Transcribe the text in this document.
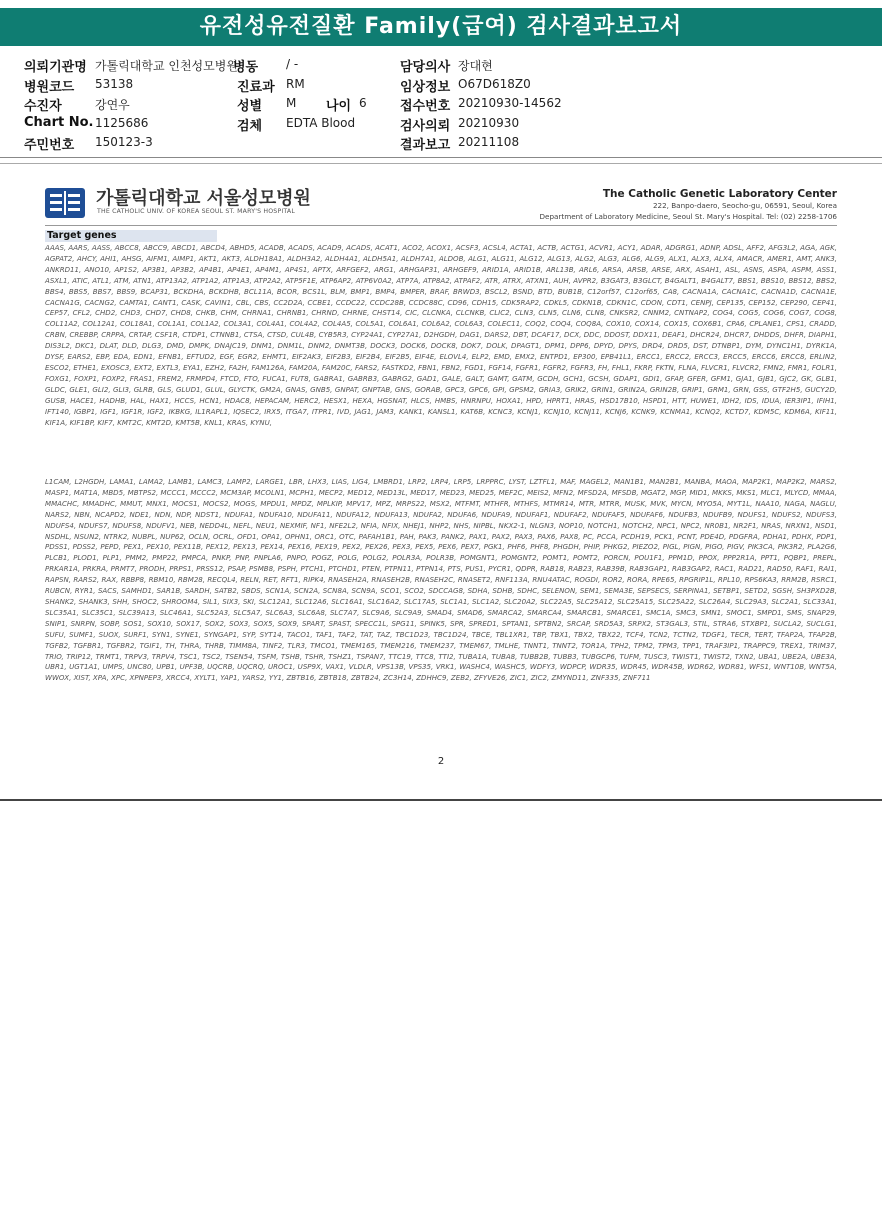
유전성유전질환 Family(급여) 검사결과보고서
의뢰기관명 가톨릭대학교 인천성모병원
병동 / -	담당의사 장대현
병원코드 53138	진료과 RM	임상정보 O67D618Z0
수진자	강연우	성별 M 나이 6	접수번호 20210930-14562
Chart No. 1125686	검체 EDTA Blood	검사의뢰 20210930
주민번호 150123-3	결과보고 20211108
가톨릭대학교 서울성모병원
THE CATHOLIC UNIV. OF KOREA SEOUL ST. MARY'S HOSPITAL
The Catholic Genetic Laboratory Center
222, Banpo-daero, Seocho-gu, 06591, Seoul, Korea
Department of Laboratory Medicine, Seoul St. Mary's Hospital. Tel: (02) 2258-1706
Target genes
AAAS, AARS, AASS, ABCC8, ABCC9, ABCD1, ABCD4, ABHD5, ACADB, ACADS, ACAD9, ACADS, ACAT1, ACO2, ACOX1, ACSF3, ACSL4, ACTA1, ACTB, ACTG1, ACVR1, ACY1, ADAR, ADGRG1, ADNP, ADSL, AFF2, AFG3L2, AGA, AGK, AGPAT2, AHCY, AHI1, AHSG, AIFM1, AIMP1, AKT1, AKT3, ALDH18A1, ALDH3A2, ALDH4A1, ALDH5A1, ALDH7A1, ALDOB, ALG1, ALG11, ALG12, ALG13, ALG2, ALG3, ALG6, ALG9, ALX1, ALX3, ALX4, AMACR, AMER1, AMT, ANK3, ANKRD11, ANO10, AP1S2, AP3B1, AP3B2, AP4B1, AP4E1, AP4M1, AP4S1, APTX, ARFGEF2, ARG1, ARHGAP31, ARHGEF9, ARID1A, ARID1B, ARL13B, ARL6, ARSA, ARSB, ARSE, ARX, ASAH1, ASL, ASNS, ASPA, ASPM, ASS1, ASXL1, ATIC, ATL1, ATM, ATN1, ATP13A2, ATP1A2, ATP1A3, ATP2A2, ATP5F1E, ATP6AP2, ATP6V0A2, ATP7A, ATP8A2, ATPAF2, ATR, ATRX, ATXN1, AUH, AVPR2, B3GAT3, B3GLCT, B4GALT1, B4GALT7, BBS1, BBS10, BBS12, BBS2, BBS4, BBS5, BBS7, BBS9, BCAP31, BCKDHA, BCKDHB, BCL11A, BCOR, BCS1L, BLM, BMP1, BMP4, BMPER, BRAF, BRWD3, BSCL2, BSND, BTD, BUB1B, C12orf57, C12orf65, CA8, CACNA1A, CACNA1C, CACNA1D, CACNA1E, CACNA1G, CACNG2, CAMTA1, CANT1, CASK, CAVIN1, CBL, CBS, CC2D2A, CCBE1, CCDC22, CCDC28B, CCDC88C, CD96, CDH15, CDK5RAP2, CDKL5, CDKN1B, CDKN1C, CDON, CDT1, CENPJ, CEP135, CEP152, CEP290, CEP41, CEP57, CFL2, CHD2, CHD3, CHD7, CHD8, CHKB, CHM, CHRNA1, CHRNB1, CHRND, CHRNE, CHST14, CIC, CLCNKA, CLCNKB, CLIC2, CLN3, CLN5, CLN6, CLN8, CNKSR2, CNNM2, CNTNAP2, COG4, COG5, COG6, COG7, COG8, COL11A2, COL12A1, COL18A1, COL1A1, COL1A2, COL3A1, COL4A1, COL4A2, COL4A5, COL5A1, COL6A1, COL6A2, COL6A3, COLEC11, COQ2, COQ4, COQ8A, COX10, COX14, COX15, COX6B1, CPA6, CPLANE1, CPS1, CRADD, CRBN, CREBBP, CRPPA, CRTAP, CSF1R, CTDP1, CTNNB1, CTSA, CTSD, CUL4B, CYB5R3, CYP24A1, CYP27A1, D2HGDH, DAG1, DARS2, DBT, DCAF17, DCX, DDC, DDOST, DDX11, DEAF1, DHCR24, DHCR7, DHDDS, DHFR, DIAPH1, DIS3L2, DKC1, DLAT, DLD, DLG3, DMD, DMPK, DNAJC19, DNM1, DNM1L, DNM2, DNMT3B, DOCK3, DOCK6, DOCK8, DOK7, DOLK, DPAGT1, DPM1, DPP6, DPYD, DPYS, DRD4, DRD5, DST, DTNBP1, DYM, DYNC1H1, DYRK1A, DYSF, EARS2, EBP, EDA, EDN1, EFNB1, EFTUD2, EGF, EGR2, EHMT1, EIF2AK3, EIF2B3, EIF2B4, EIF2B5, EIF4E, ELOVL4, ELP2, EMD, EMX2, ENTPD1, EP300, EPB41L1, ERCC1, ERCC2, ERCC3, ERCC5, ERCC6, ERCC8, ERLIN2, ESCO2, ETHE1, EXOSC3, EXT2, EXTL3, EYA1, EZH2, FA2H, FAM126A, FAM20A, FAM20C, FARS2, FASTKD2, FBN1, FBN2, FGD1, FGF14, FGFR1, FGFR2, FGFR3, FH, FHL1, FKRP, FKTN, FLNA, FLVCR1, FLVCR2, FMN2, FMR1, FOLR1, FOXG1, FOXP1, FOXP2, FRAS1, FREM2, FRMPD4, FTCD, FTO, FUCA1, FUT8, GABRA1, GABRB3, GABRG2, GAD1, GALE, GALT, GAMT, GATM, GCDH, GCH1, GCSH, GDAP1, GDI1, GFAP, GFER, GFM1, GJA1, GJB1, GJC2, GK, GLB1, GLDC, GLE1, GLI2, GLI3, GLRB, GLS, GLUD1, GLUL, GLYCTK, GM2A, GNAS, GNB5, GNPAT, GNPTAB, GNS, GORAB, GPC3, GPC6, GPI, GPSM2, GRIA3, GRIK2, GRIN1, GRIN2A, GRIN2B, GRIP1, GRM1, GRN, GSS, GTF2H5, GUCY2D, GUSB, HACE1, HADHB, HAL, HAX1, HCCS, HCN1, HDAC8, HEPACAM, HERC2, HESX1, HEXA, HGSNAT, HLCS, HMBS, HNRNPU, HOXA1, HPD, HPRT1, HRAS, HSD17B10, HSPD1, HTT, HUWE1, IDH2, IDS, IDUA, IER3IP1, IFIH1, IFT140, IGBP1, IGF1, IGF1R, IGF2, IKBKG, IL1RAPL1, IQSEC2, IRX5, ITGA7, ITPR1, IVD, JAG1, JAM3, KANK1, KANSL1, KAT6B, KCNC3, KCNJ1, KCNJ10, KCNJ11, KCNJ6, KCNK9, KCNMA1, KCNQ2, KCTD7, KDM5C, KDM6A, KIF11, KIF1A, KIF1BP, KIF7, KMT2C, KMT2D, KMT5B, KNL1, KRAS, KYNU,
L1CAM, L2HGDH, LAMA1, LAMA2, LAMB1, LAMC3, LAMP2, LARGE1, LBR, LHX3, LIAS, LIG4, LMBRD1, LRP2, LRP4, LRP5, LRPPRC, LYST, LZTFL1, MAF, MAGEL2, MAN1B1, MAN2B1, MANBA, MAOA, MAP2K1, MAP2K2, MARS2, MASP1, MAT1A, MBD5, MBTPS2, MCCC1, MCCC2, MCM3AP, MCOLN1, MCPH1, MECP2, MED12, MED13L, MED17, MED23, MED25, MEF2C, MEIS2, MFN2, MFSD2A, MFSDB, MGAT2, MGP, MID1, MKKS, MKS1, MLC1, MLYCD, MMAA, MMACHC, MMADHC, MMUT, MNX1, MOCS1, MOCS2, MOGS, MPDU1, MPDZ, MPLKIP, MPV17, MPZ, MRPS22, MSX2, MTFMT, MTHFR, MTHFS, MTMR14, MTR, MTRR, MUSK, MVK, MYCN, MYO5A, MYT1L, NAA10, NAGA, NAGLU, NARS2, NBN, NCAPD2, NDE1, NDN, NDP, NDST1, NDUFA1, NDUFA10, NDUFA11, NDUFA12, NDUFA13, NDUFA2, NDUFA6, NDUFA9, NDUFAF1, NDUFAF2, NDUFAF5, NDUFAF6, NDUFB3, NDUFB9, NDUFS1, NDUFS2, NDUFS3, NDUFS4, NDUFS7, NDUFS8, NDUFV1, NEB, NEDD4L, NEFL, NEU1, NEXMIF, NF1, NFE2L2, NFIA, NFIX, NHEJ1, NHP2, NHS, NIPBL, NKX2-1, NLGN3, NOP10, NOTCH1, NOTCH2, NPC1, NPC2, NR0B1, NR2F1, NRAS, NRXN1, NSD1, NSDHL, NSUN2, NTRK2, NUBPL, NUP62, OCLN, OCRL, OFD1, OPA1, OPHN1, ORC1, OTC, PAFAH1B1, PAH, PAK3, PANK2, PAX1, PAX2, PAX3, PAX6, PAX8, PC, PCCA, PCDH19, PCK1, PCNT, PDE4D, PDGFRA, PDHA1, PDHX, PDP1, PDSS1, PDSS2, PEPD, PEX1, PEX10, PEX11B, PEX12, PEX13, PEX14, PEX16, PEX19, PEX2, PEX26, PEX3, PEX5, PEX6, PEX7, PGK1, PHF6, PHF8, PHGDH, PHIP, PHKG2, PIEZO2, PIGL, PIGN, PIGO, PIGV, PIK3CA, PIK3R2, PLA2G6, PLCB1, PLOD1, PLP1, PMM2, PMP22, PMPCA, PNKP, PNP, PNPLA6, PNPO, POGZ, POLG, POLG2, POLR3A, POLR3B, POMGNT1, POMGNT2, POMT1, POMT2, PORCN, POU1F1, PPM1D, PPOX, PPP2R1A, PPT1, PQBP1, PREPL, PRKAR1A, PRKRA, PRMT7, PRODH, PRPS1, PRSS12, PSAP, PSMB8, PSPH, PTCH1, PTCHD1, PTEN, PTPN11, PTPN14, PTS, PUS1, PYCR1, QDPR, RAB18, RAB23, RAB39B, RAB3GAP1, RAB3GAP2, RAC1, RAD21, RAD50, RAF1, RAI1, RAPSN, RARS2, RAX, RBBP8, RBM10, RBM28, RECQL4, RELN, RET, RFT1, RIPK4, RNASEH2A, RNASEH2B, RNASEH2C, RNASET2, RNF113A, RNU4ATAC, ROGDI, ROR2, RORA, RPE65, RPGRIP1L, RPL10, RPS6KA3, RRM2B, RSRC1, RUBCN, RYR1, SACS, SAMHD1, SAR1B, SARDH, SATB2, SBDS, SCN1A, SCN2A, SCN8A, SCN9A, SCO1, SCO2, SDCCAG8, SDHA, SDHB, SDHC, SELENON, SEM1, SEMA3E, SEPSECS, SERPINA1, SETBP1, SETD2, SGSH, SH3PXD2B, SHANK2, SHANK3, SHH, SHOC2, SHROOM4, SIL1, SIX3, SKI, SLC12A1, SLC12A6, SLC16A1, SLC16A2, SLC17A5, SLC1A1, SLC1A2, SLC20A2, SLC22A5, SLC25A12, SLC25A15, SLC25A22, SLC26A4, SLC29A3, SLC2A1, SLC33A1, SLC35A1, SLC35C1, SLC39A13, SLC46A1, SLC52A3, SLC5A7, SLC6A3, SLC6A8, SLC7A7, SLC9A6, SLC9A9, SMAD4, SMAD6, SMARCA2, SMARCA4, SMARCB1, SMARCE1, SMC1A, SMC3, SMN1, SMOC1, SMPD1, SMS, SNAP29, SNIP1, SNRPN, SOBP, SOS1, SOX10, SOX17, SOX2, SOX3, SOX5, SOX9, SPART, SPAST, SPECC1L, SPG11, SPINK5, SPR, SPRED1, SPTAN1, SPTBN2, SRCAP, SRD5A3, SRPX2, ST3GAL3, STIL, STRA6, STXBP1, SUCLA2, SUCLG1, SUFU, SUMF1, SUOX, SURF1, SYN1, SYNE1, SYNGAP1, SYP, SYT14, TACO1, TAF1, TAF2, TAT, TAZ, TBC1D23, TBC1D24, TBCE, TBL1XR1, TBP, TBX1, TBX2, TBX22, TCF4, TCN2, TCTN2, TDGF1, TECR, TERT, TFAP2A, TFAP2B, TGFB2, TGFBR1, TGFBR2, TGIF1, TH, THRA, THRB, TIMM8A, TINF2, TLR3, TMCO1, TMEM165, TMEM216, TMEM237, TMEM67, TMLHE, TNNT1, TNNT2, TOR1A, TPH2, TPM2, TPM3, TPP1, TRAF3IP1, TRAPPC9, TREX1, TRIM37, TRIO, TRIP12, TRMT1, TRPV3, TRPV4, TSC1, TSC2, TSEN54, TSFM, TSHB, TSHR, TSHZ1, TSPAN7, TTC19, TTC8, TTI2, TUBA1A, TUBA8, TUBB2B, TUBB3, TUBGCP6, TUFM, TUSC3, TWIST1, TWIST2, TXN2, UBA1, UBE2A, UBE3A, UBR1, UGT1A1, UMPS, UNC80, UPB1, UPF3B, UQCRB, UQCRQ, UROC1, USP9X, VAX1, VLDLR, VPS13B, VPS35, VRK1, WASHC4, WASHC5, WDFY3, WDPCP, WDR35, WDR45, WDR45B, WDR62, WDR81, WFS1, WNT10B, WNT5A, WWOX, XIST, XPA, XPC, XPNPEP3, XRCC4, XYLT1, YAP1, YARS2, YY1, ZBTB16, ZBTB18, ZBTB24, ZC3H14, ZDHHC9, ZEB2, ZFYVE26, ZIC1, ZIC2, ZMYND11, ZNF335, ZNF711
2
